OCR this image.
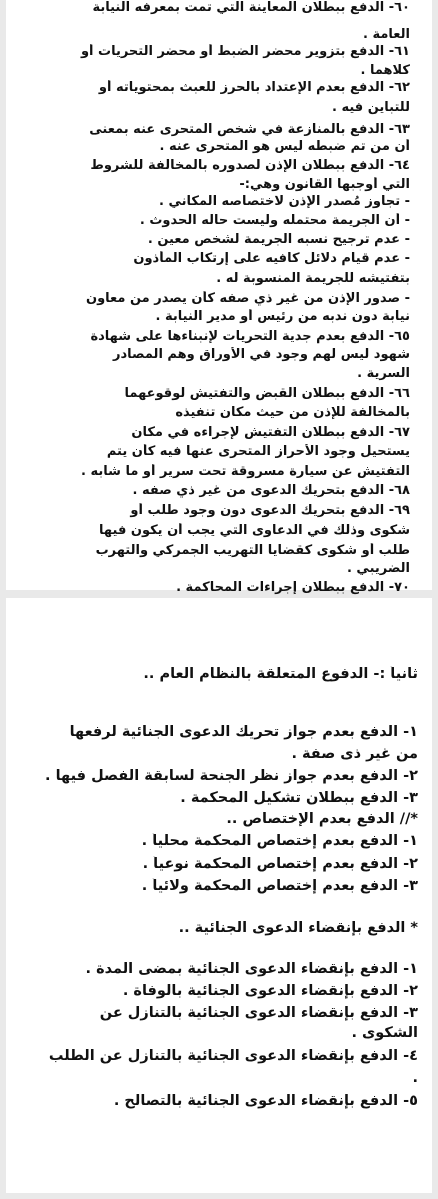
٦٠- الدفع ببطلان المعاينة التي تمت بمعرفه النيابة
العامة .
٦١- الدفع بتزوير محضر الضبط أو محضر التحريات أو
كلاهما .
٦٢- الدفع بعدم الإعتداد بالحرز للعبث بمحتوياته أو
للتباين فيه .
٦٣- الدفع بالمنازعة في شخص المتحرى عنه بمعنى
أن من تم ضبطه ليس هو المتحرى عنه .
٦٤- الدفع ببطلان الإذن لصدوره بالمخالفة للشروط
التي أوجبها القانون وهي:-
- تجاوز مُصدر الإذن لاختصاصه المكاني .
- أن الجريمة محتمله وليست حاله الحدوث .
- عدم ترجيح نسبه الجريمة لشخص معين .
- عدم قيام دلائل كافيه على إرتكاب المأذون
بتفتيشه للجريمة المنسوبة له .
- صدور الإذن من غير ذي صفه كأن يصدر من معاون
نيابة دون ندبه من رئيس أو مدير النيابة .
٦٥- الدفع بعدم جدية التحريات لإنبناءها على شهادة
شهود ليس لهم وجود في الأوراق وهم المصادر
السرية .
٦٦- الدفع ببطلان القبض والتفتيش لوقوعهما
بالمخالفة للإذن من حيث مكان تنفيذه
٦٧- الدفع ببطلان التفتيش لإجراءه في مكان
يستحيل وجود الأحراز المتحرى عنها فيه كأن يتم
التفتيش عن سيارة مسروقة تحت سرير أو ما شابه .
٦٨- الدفع بتحريك الدعوى من غير ذي صفه .
٦٩- الدفع بتحريك الدعوى دون وجود طلب أو
شكوى وذلك في الدعاوى التي يجب أن يكون فيها
طلب أو شكوى كقضايا التهريب الجمركي والتهرب
الضريبي .
٧٠- الدفع ببطلان إجراءات المحاكمة .
ثانياً :- الدفوع المتعلقة بالنظام العام ..
١- الدفع بعدم جواز تحريك الدعوى الجنائية لرفعها
من غير ذى صفة .
٢- الدفع بعدم جواز نظر الجنحة لسابقة الفصل فيها .
٣- الدفع ببطلان تشكيل المحكمة .
*// الدفع بعدم الإختصاص ..
١- الدفع بعدم إختصاص المحكمة محلياً .
٢- الدفع بعدم إختصاص المحكمة نوعياً .
٣- الدفع بعدم إختصاص المحكمة ولائياً .
* الدفع بإنقضاء الدعوى الجنائية ..
١- الدفع بإنقضاء الدعوى الجنائية بمضى المدة .
٢- الدفع بإنقضاء الدعوى الجنائية بالوفاة .
٣- الدفع بإنقضاء الدعوى الجنائية بالتنازل عن
الشكوى .
٤- الدفع بإنقضاء الدعوى الجنائية بالتنازل عن الطلب
.
٥- الدفع بإنقضاء الدعوى الجنائية بالتصالح .
